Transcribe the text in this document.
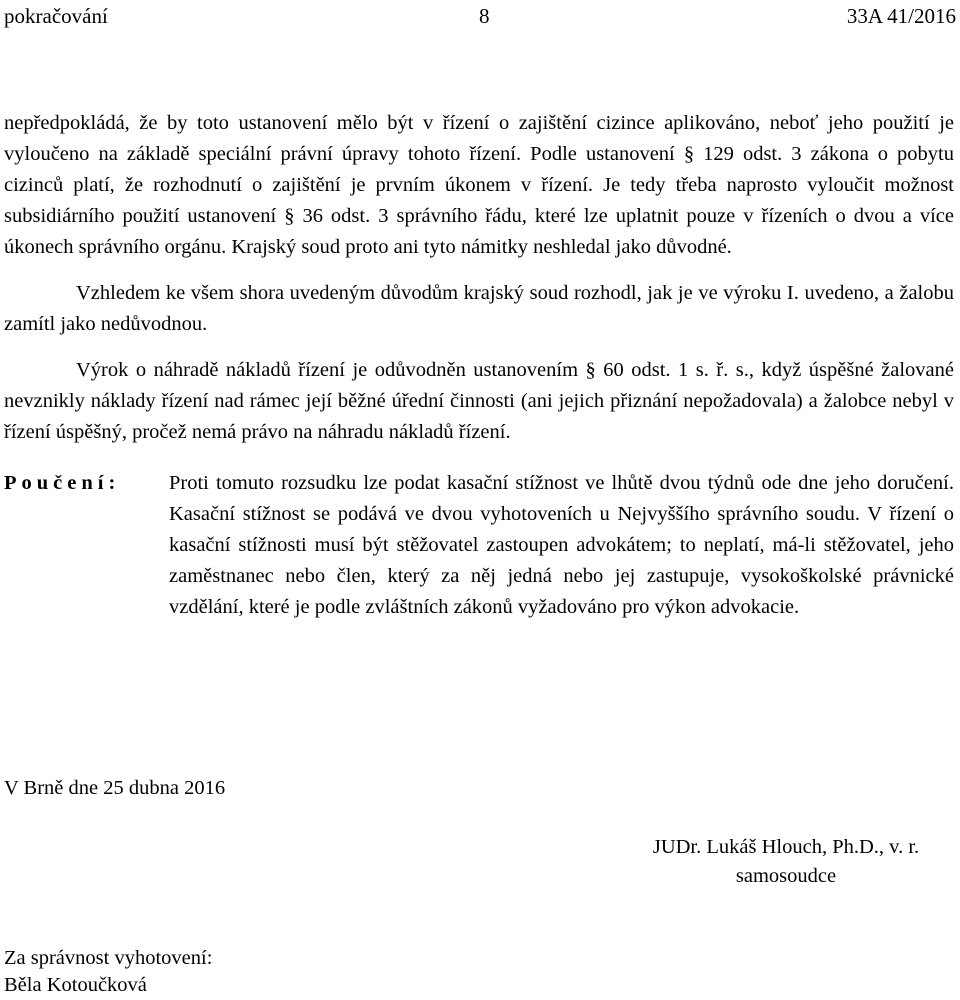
pokračování	8	33A 41/2016

nepředpokládá, že by toto ustanovení mělo být v řízení o zajištění cizince aplikováno, neboť jeho použití je vyloučeno na základě speciální právní úpravy tohoto řízení. Podle ustanovení § 129 odst. 3 zákona o pobytu cizinců platí, že rozhodnutí o zajištění je prvním úkonem v řízení. Je tedy třeba naprosto vyloučit možnost subsidiárního použití ustanovení § 36 odst. 3 správního řádu, které lze uplatnit pouze v řízeních o dvou a více úkonech správního orgánu. Krajský soud proto ani tyto námitky neshledal jako důvodné.

Vzhledem ke všem shora uvedeným důvodům krajský soud rozhodl, jak je ve výroku I. uvedeno, a žalobu zamítl jako nedůvodnou.

Výrok o náhradě nákladů řízení je odůvodněn ustanovením § 60 odst. 1 s. ř. s., když úspěšné žalované nevznikly náklady řízení nad rámec její běžné úřední činnosti (ani jejich přiznání nepožadovala) a žalobce nebyl v řízení úspěšný, pročež nemá právo na náhradu nákladů řízení.

Poučení:	Proti tomuto rozsudku lze podat kasační stížnost ve lhůtě dvou týdnů ode dne jeho doručení. Kasační stížnost se podává ve dvou vyhotoveních u Nejvyššího správního soudu. V řízení o kasační stížnosti musí být stěžovatel zastoupen advokátem; to neplatí, má-li stěžovatel, jeho zaměstnanec nebo člen, který za něj jedná nebo jej zastupuje, vysokoškolské právnické vzdělání, které je podle zvláštních zákonů vyžadováno pro výkon advokacie.
V Brně dne 25 dubna 2016
JUDr. Lukáš Hlouch, Ph.D., v. r.
samosoudce
Za správnost vyhotovení:
Běla Kotoučková
